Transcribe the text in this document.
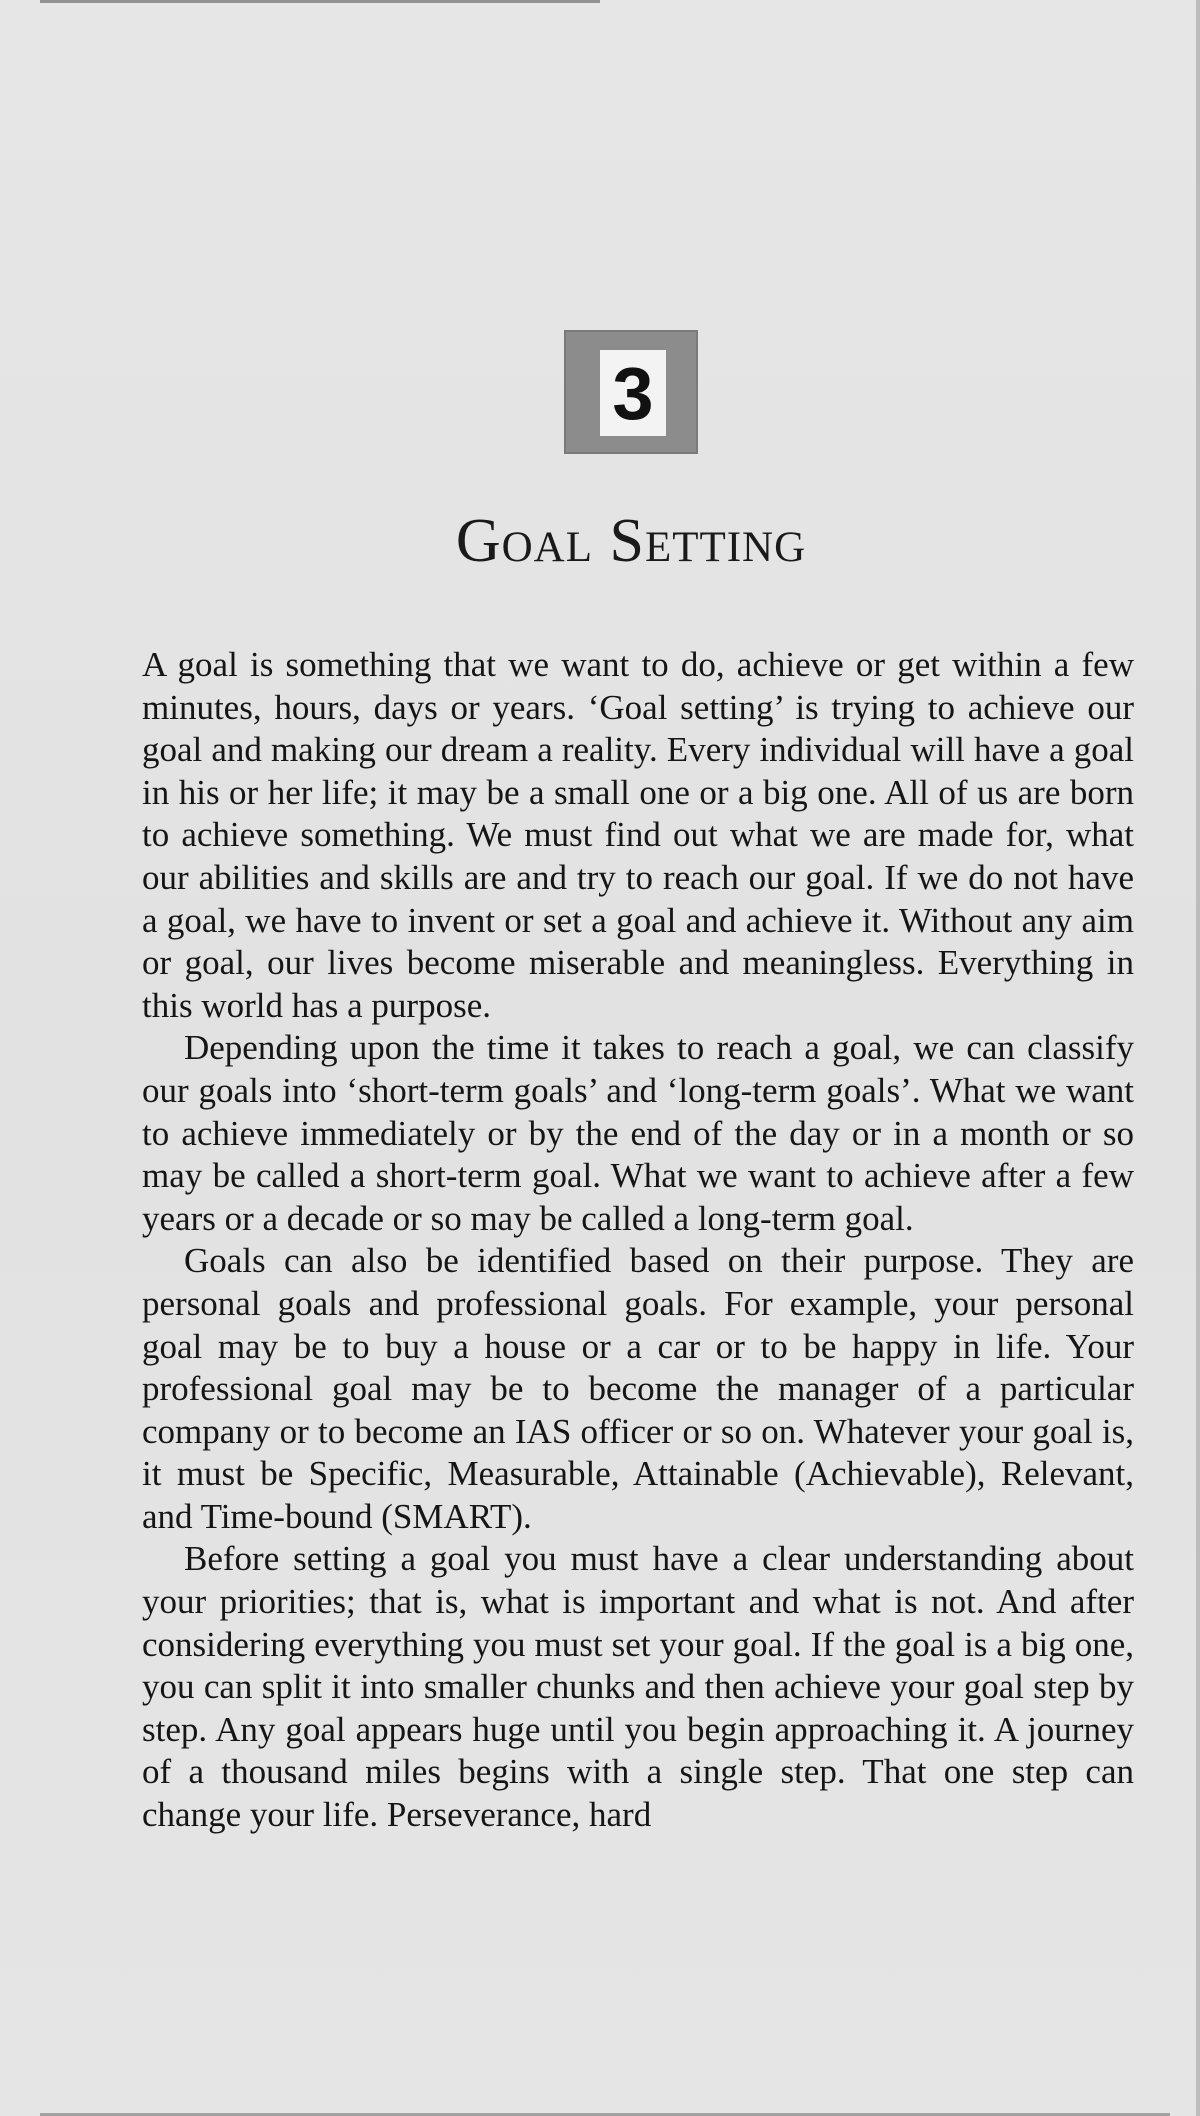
3
Goal Setting

A goal is something that we want to do, achieve or get within a few minutes, hours, days or years. ‘Goal setting’ is trying to achieve our goal and making our dream a reality. Every individual will have a goal in his or her life; it may be a small one or a big one. All of us are born to achieve something. We must find out what we are made for, what our abilities and skills are and try to reach our goal. If we do not have a goal, we have to invent or set a goal and achieve it. Without any aim or goal, our lives become miserable and meaningless. Everything in this world has a purpose.

Depending upon the time it takes to reach a goal, we can classify our goals into ‘short-term goals’ and ‘long-term goals’. What we want to achieve immediately or by the end of the day or in a month or so may be called a short-term goal. What we want to achieve after a few years or a decade or so may be called a long-term goal.

Goals can also be identified based on their purpose. They are personal goals and professional goals. For example, your personal goal may be to buy a house or a car or to be happy in life. Your professional goal may be to become the manager of a particular company or to become an IAS officer or so on. Whatever your goal is, it must be Specific, Measurable, Attainable (Achievable), Relevant, and Time-bound (SMART).

Before setting a goal you must have a clear understanding about your priorities; that is, what is important and what is not. And after considering everything you must set your goal. If the goal is a big one, you can split it into smaller chunks and then achieve your goal step by step. Any goal appears huge until you begin approaching it. A journey of a thousand miles begins with a single step. That one step can change your life. Perseverance, hard
